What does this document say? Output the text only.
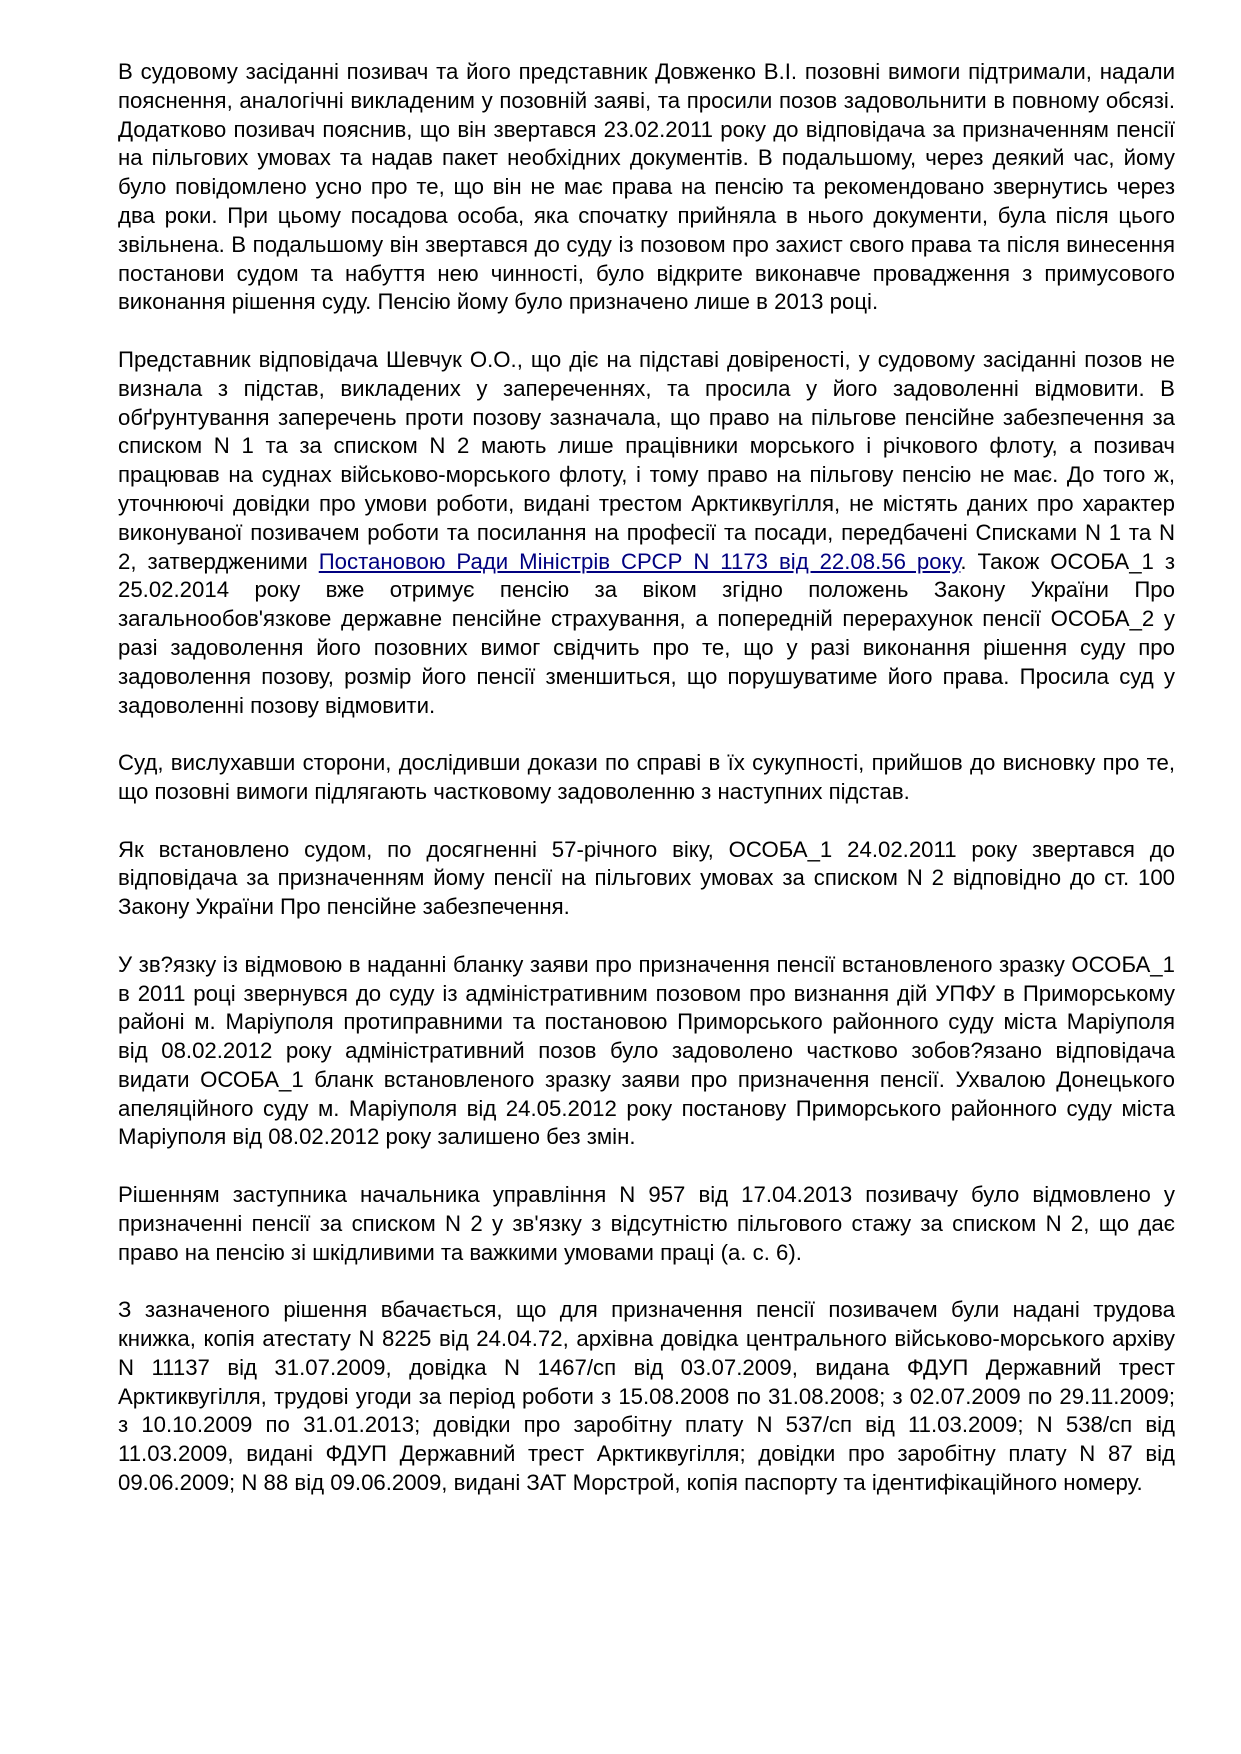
В судовому засіданні позивач та його представник Довженко В.І. позовні вимоги підтримали, надали пояснення, аналогічні викладеним у позовній заяві, та просили позов задовольнити в повному обсязі. Додатково позивач пояснив, що він звертався 23.02.2011 року до відповідача за призначенням пенсії на пільгових умовах та надав пакет необхідних документів. В подальшому, через деякий час, йому було повідомлено усно про те, що він не має права на пенсію та рекомендовано звернутись через два роки. При цьому посадова особа, яка спочатку прийняла в нього документи, була після цього звільнена. В подальшому він звертався до суду із позовом про захист свого права та після винесення постанови судом та набуття нею чинності, було відкрите виконавче провадження з примусового виконання рішення суду. Пенсію йому було призначено лише в 2013 році.

Представник відповідача Шевчук О.О., що діє на підставі довіреності, у судовому засіданні позов не визнала з підстав, викладених у запереченнях, та просила у його задоволенні відмовити. В обґрунтування заперечень проти позову зазначала, що право на пільгове пенсійне забезпечення за списком N 1 та за списком N 2 мають лише працівники морського і річкового флоту, а позивач працював на суднах військово-морського флоту, і тому право на пільгову пенсію не має. До того ж, уточнюючі довідки про умови роботи, видані трестом Арктиквугілля, не містять даних про характер виконуваної позивачем роботи та посилання на професії та посади, передбачені Списками N 1 та N 2, затвердженими Постановою Ради Міністрів СРСР N 1173 від 22.08.56 року. Також ОСОБА_1 з 25.02.2014 року вже отримує пенсію за віком згідно положень Закону України Про загальнообов'язкове державне пенсійне страхування, а попередній перерахунок пенсії ОСОБА_2 у разі задоволення його позовних вимог свідчить про те, що у разі виконання рішення суду про задоволення позову, розмір його пенсії зменшиться, що порушуватиме його права. Просила суд у задоволенні позову відмовити.

Суд, вислухавши сторони, дослідивши докази по справі в їх сукупності, прийшов до висновку про те, що позовні вимоги підлягають частковому задоволенню з наступних підстав.

Як встановлено судом, по досягненні 57-річного віку, ОСОБА_1 24.02.2011 року звертався до відповідача за призначенням йому пенсії на пільгових умовах за списком N 2 відповідно до ст. 100 Закону України Про пенсійне забезпечення.

У зв?язку із відмовою в наданні бланку заяви про призначення пенсії встановленого зразку ОСОБА_1 в 2011 році звернувся до суду із адміністративним позовом про визнання дій УПФУ в Приморському районі м. Маріуполя протиправними та постановою Приморського районного суду міста Маріуполя від 08.02.2012 року адміністративний позов було задоволено частково зобов?язано відповідача видати ОСОБА_1 бланк встановленого зразку заяви про призначення пенсії. Ухвалою Донецького апеляційного суду м. Маріуполя від 24.05.2012 року постанову Приморського районного суду міста Маріуполя від 08.02.2012 року залишено без змін.

Рішенням заступника начальника управління N 957 від 17.04.2013 позивачу було відмовлено у призначенні пенсії за списком N 2 у зв'язку з відсутністю пільгового стажу за списком N 2, що дає право на пенсію зі шкідливими та важкими умовами праці (а. с. 6).

З зазначеного рішення вбачається, що для призначення пенсії позивачем були надані трудова книжка, копія атестату N 8225 від 24.04.72, архівна довідка центрального військово-морського архіву N 11137 від 31.07.2009, довідка N 1467/сп від 03.07.2009, видана ФДУП Державний трест Арктиквугілля, трудові угоди за період роботи з 15.08.2008 по 31.08.2008; з 02.07.2009 по 29.11.2009; з 10.10.2009 по 31.01.2013; довідки про заробітну плату N 537/сп від 11.03.2009; N 538/сп від 11.03.2009, видані ФДУП Державний трест Арктиквугілля; довідки про заробітну плату N 87 від 09.06.2009; N 88 від 09.06.2009, видані ЗАТ Морстрой, копія паспорту та ідентифікаційного номеру.
